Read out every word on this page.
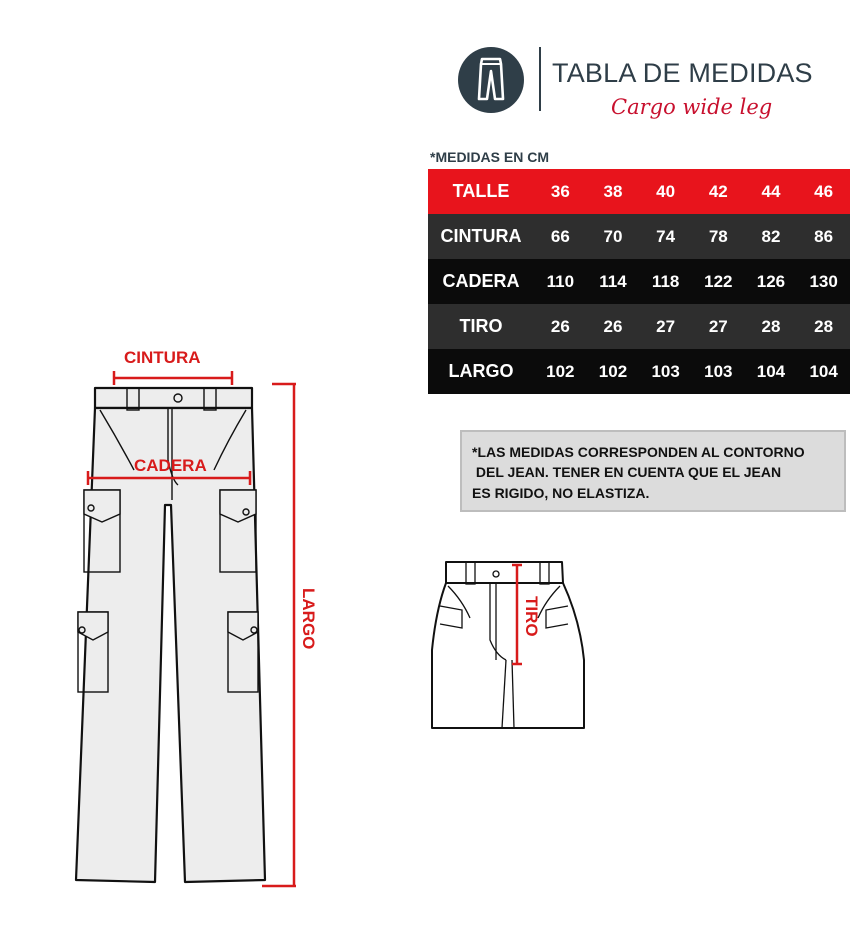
TABLA DE MEDIDAS
Cargo wide leg
*MEDIDAS EN CM
TALLE	36	38	40	42	44	46
CINTURA	66	70	74	78	82	86
CADERA	110	114	118	122	126	130
TIRO	26	26	27	27	28	28
LARGO	102	102	103	103	104	104
*LAS MEDIDAS CORRESPONDEN AL CONTORNO
DEL JEAN. TENER EN CUENTA QUE EL JEAN
ES RIGIDO, NO ELASTIZA.
CINTURA
CADERA
LARGO	TIRO
